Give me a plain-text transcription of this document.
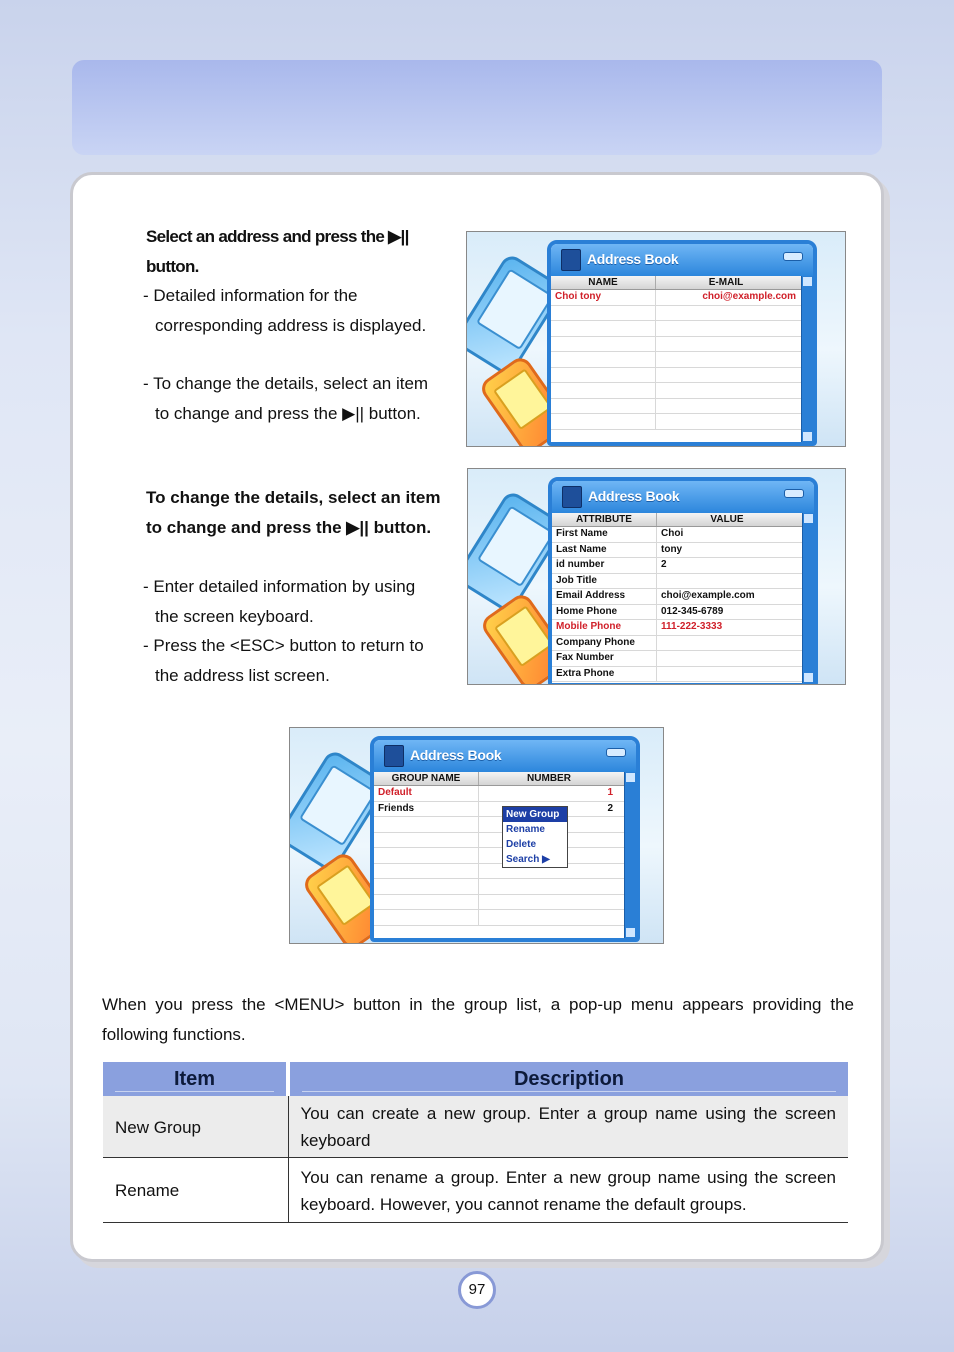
Select an address and press the ▶|| button.
- Detailed information for the corresponding address is displayed.
- To change the details, select an item to change and press the ▶|| button.
To change the details, select an item to change and press the ▶|| button.
- Enter detailed information by using the screen keyboard.
- Press the <ESC> button to return to the address list screen.
Address Book
NAME	E-MAIL
Choi tony	choi@example.com
Address Book
ATTRIBUTE	VALUE
First Name	Choi
Last Name	tony
id number	2
Job Title
Email Address	choi@example.com
Home Phone	012-345-6789
Mobile Phone	111-222-3333
Company Phone
Fax Number
Extra Phone
Address Book
GROUP NAME	NUMBER
Default	1
Friends	2
New Group
Rename
Delete
Search ▶
When you press the <MENU> button in the group list, a pop-up menu appears providing the following functions.
Item	Description

New Group	You can create a new group. Enter a group name using the screen keyboard
Rename	You can rename a group. Enter a new group name using the screen keyboard. However, you cannot rename the default groups.
97
